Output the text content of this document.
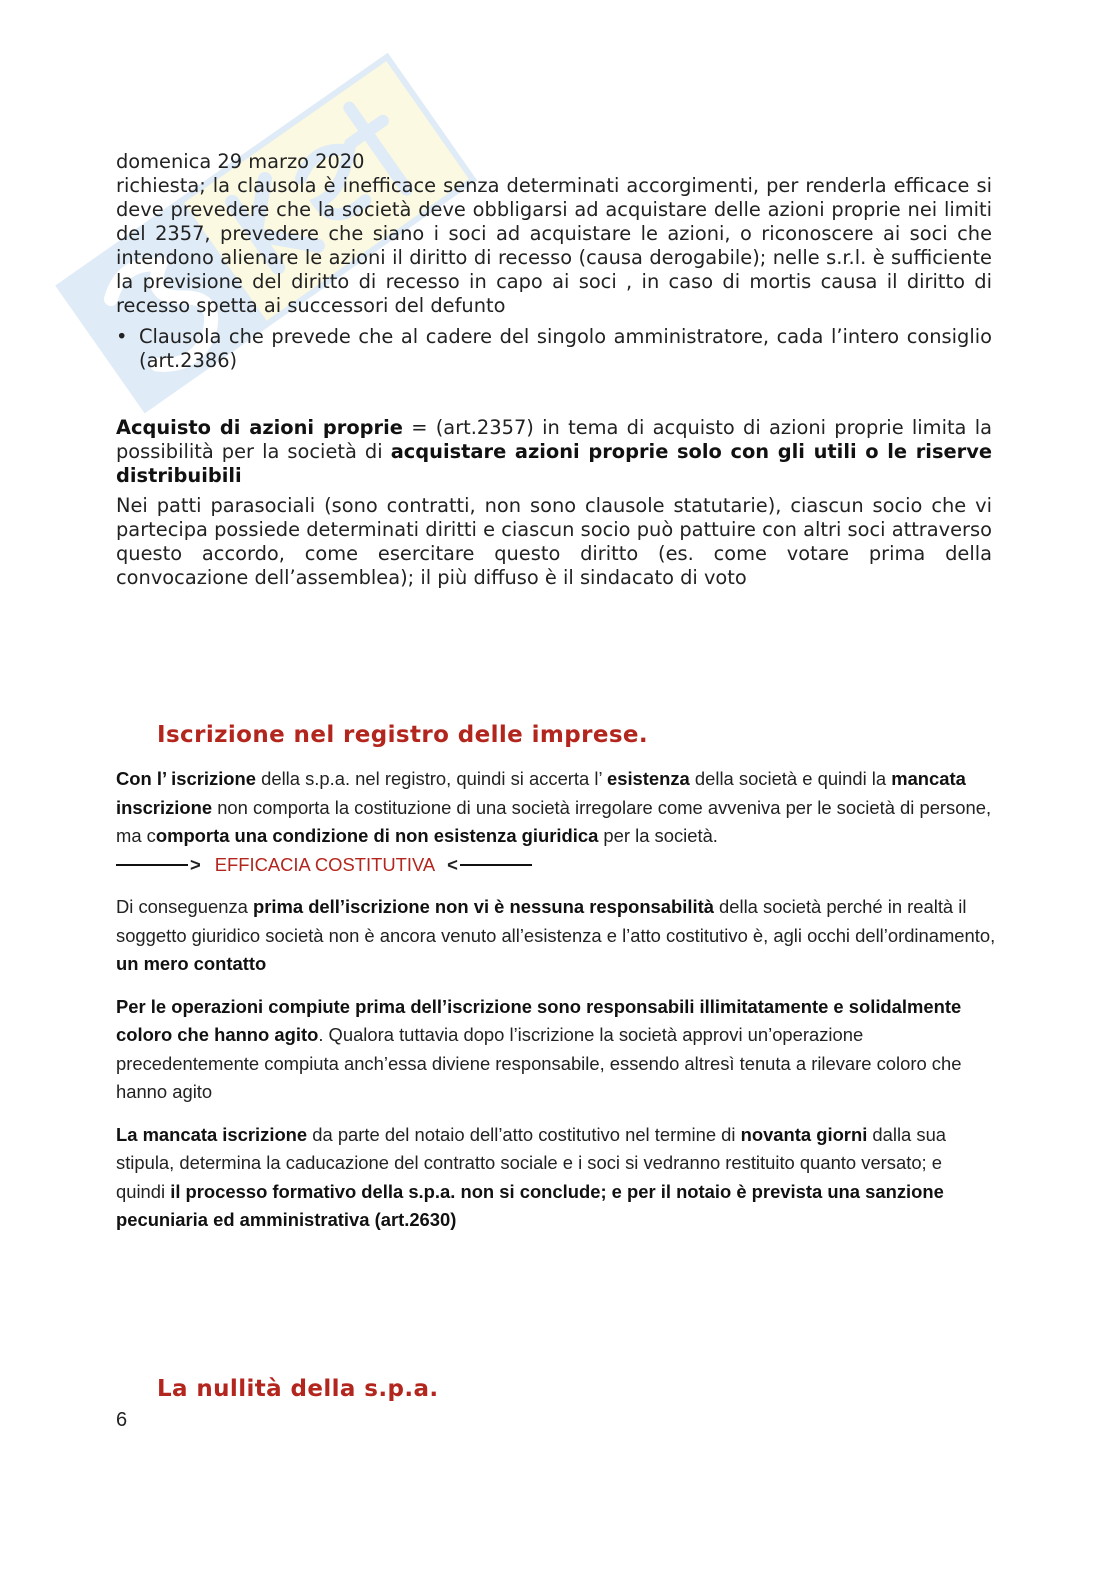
domenica 29 marzo 2020

richiesta; la clausola è inefficace senza determinati accorgimenti, per renderla efficace si deve prevedere che la società deve obbligarsi ad acquistare delle azioni proprie nei limiti del 2357, prevedere che siano i soci ad acquistare le azioni, o riconoscere ai soci che intendono alienare le azioni il diritto di recesso (causa derogabile); nelle s.r.l. è sufficiente la previsione del diritto di recesso in capo ai soci , in caso di mortis causa il diritto di recesso spetta ai successori del defunto

• Clausola che prevede che al cadere del singolo amministratore, cada l’intero consiglio (art.2386)

Acquisto di azioni proprie = (art.2357) in tema di acquisto di azioni proprie limita la possibilità per la società di acquistare azioni proprie solo con gli utili o le riserve distribuibili

Nei patti parasociali (sono contratti, non sono clausole statutarie), ciascun socio che vi partecipa possiede determinati diritti e ciascun socio può pattuire con altri soci attraverso questo accordo, come esercitare questo diritto (es. come votare prima della convocazione dell’assemblea); il più diffuso è il sindacato di voto

Iscrizione nel registro delle imprese.

Con l’ iscrizione della s.p.a. nel registro, quindi si accerta l’ esistenza della società e quindi la mancata inscrizione non comporta la costituzione di una società irregolare come avveniva per le società di persone, ma comporta una condizione di non esistenza giuridica per la società.

> EFFICACIA COSTITUTIVA <

Di conseguenza prima dell’iscrizione non vi è nessuna responsabilità della società perché in realtà il soggetto giuridico società non è ancora venuto all’esistenza e l’atto costitutivo è, agli occhi dell’ordinamento, un mero contatto

Per le operazioni compiute prima dell’iscrizione sono responsabili illimitatamente e solidalmente coloro che hanno agito. Qualora tuttavia dopo l’iscrizione la società approvi un’operazione precedentemente compiuta anch’essa diviene responsabile, essendo altresì tenuta a rilevare coloro che hanno agito

La mancata iscrizione da parte del notaio dell’atto costitutivo nel termine di novanta giorni dalla sua stipula, determina la caducazione del contratto sociale e i soci si vedranno restituito quanto versato; e quindi il processo formativo della s.p.a. non si conclude; e per il notaio è prevista una sanzione pecuniaria ed amministrativa (art.2630)

La nullità della s.p.a.
6
